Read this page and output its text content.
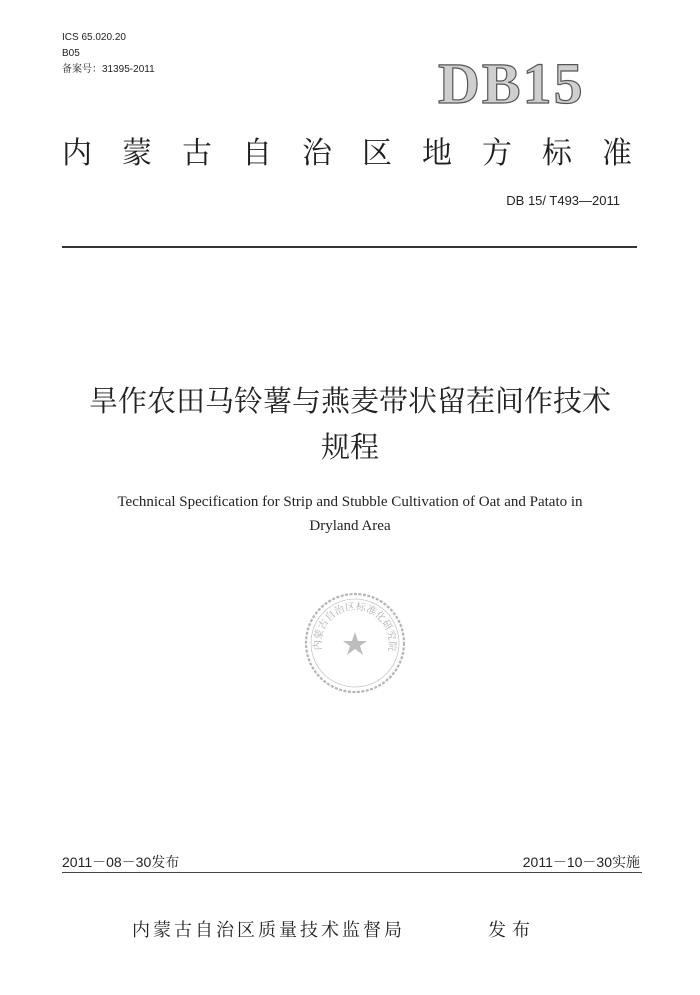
ICS 65.020.20
B05
备案号：31395-2011	DB15
内 蒙 古 自 治 区 地 方 标 准
DB 15/ T493—2011
旱作农田马铃薯与燕麦带状留茬间作技术
规程
Technical Specification for Strip and Stubble Cultivation of Oat and Patato in
Dryland Area
内蒙古自治区标准化研究院
2011－08－30发布	2011－10－30实施
内蒙古自治区质量技术监督局	发布
